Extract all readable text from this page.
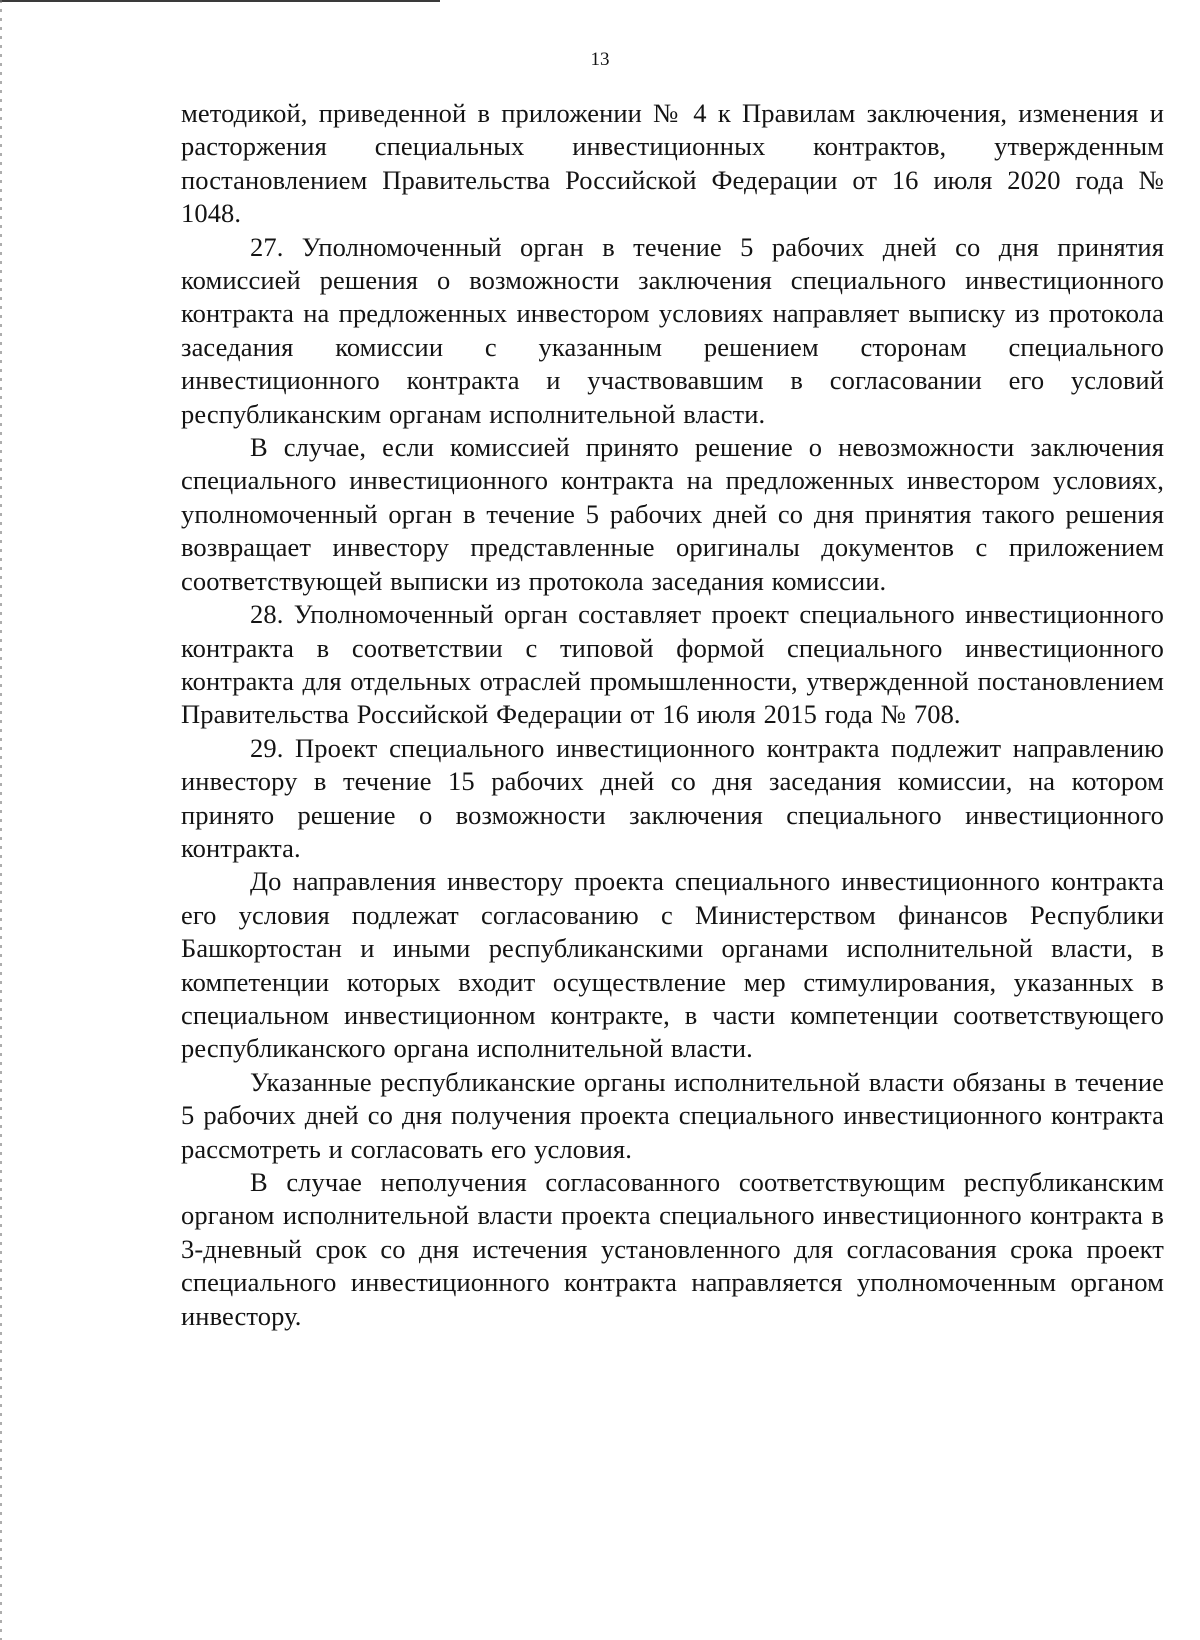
13

методикой, приведенной в приложении № 4 к Правилам заключения, изменения и расторжения специальных инвестиционных контрактов, утвержденным постановлением Правительства Российской Федерации от 16 июля 2020 года № 1048.

27. Уполномоченный орган в течение 5 рабочих дней со дня принятия комиссией решения о возможности заключения специального инвестиционного контракта на предложенных инвестором условиях направляет выписку из протокола заседания комиссии с указанным решением сторонам специального инвестиционного контракта и участвовавшим в согласовании его условий республиканским органам исполнительной власти.

В случае, если комиссией принято решение о невозможности заключения специального инвестиционного контракта на предложенных инвестором условиях, уполномоченный орган в течение 5 рабочих дней со дня принятия такого решения возвращает инвестору представленные оригиналы документов с приложением соответствующей выписки из протокола заседания комиссии.

28. Уполномоченный орган составляет проект специального инвестиционного контракта в соответствии с типовой формой специального инвестиционного контракта для отдельных отраслей промышленности, утвержденной постановлением Правительства Российской Федерации от 16 июля 2015 года № 708.

29. Проект специального инвестиционного контракта подлежит направлению инвестору в течение 15 рабочих дней со дня заседания комиссии, на котором принято решение о возможности заключения специального инвестиционного контракта.

До направления инвестору проекта специального инвестиционного контракта его условия подлежат согласованию с Министерством финансов Республики Башкортостан и иными республиканскими органами исполнительной власти, в компетенции которых входит осуществление мер стимулирования, указанных в специальном инвестиционном контракте, в части компетенции соответствующего республиканского органа исполнительной власти.

Указанные республиканские органы исполнительной власти обязаны в течение 5 рабочих дней со дня получения проекта специального инвестиционного контракта рассмотреть и согласовать его условия.

В случае неполучения согласованного соответствующим республиканским органом исполнительной власти проекта специального инвестиционного контракта в 3-дневный срок со дня истечения установленного для согласования срока проект специального инвестиционного контракта направляется уполномоченным органом инвестору.
